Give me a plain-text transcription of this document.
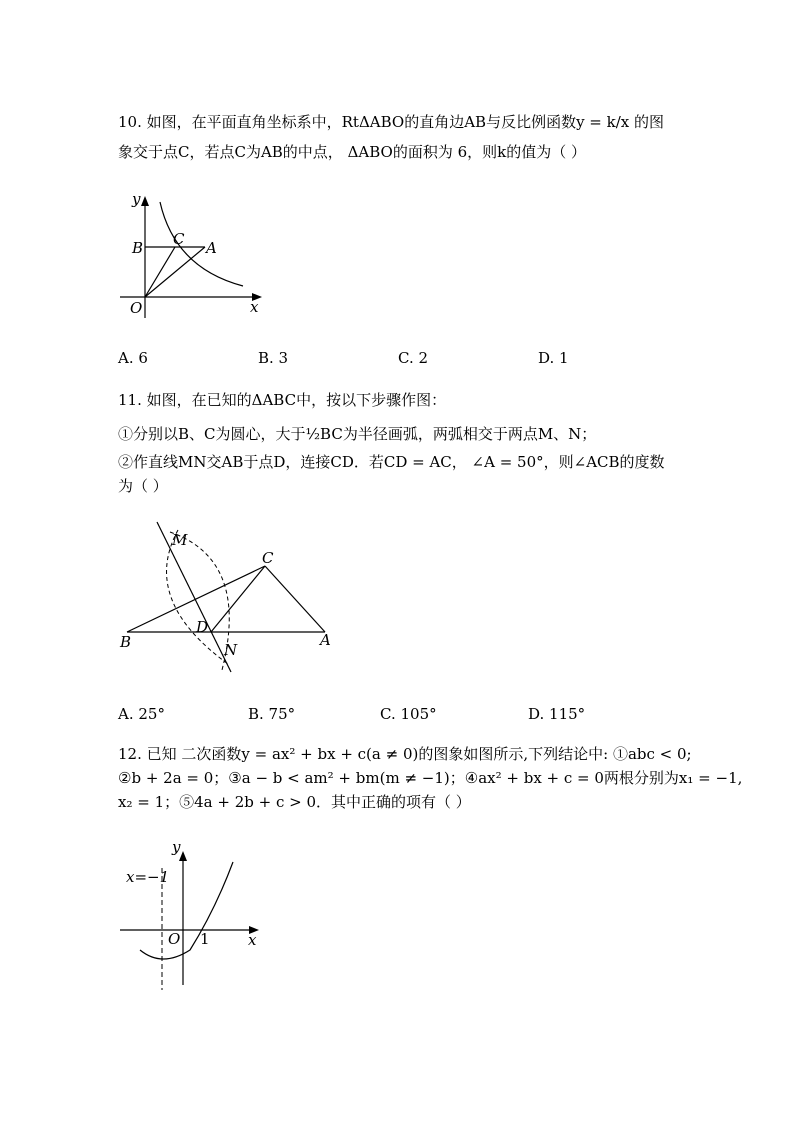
10. 如图，在平面直角坐标系中，RtΔABO的直角边AB与反比例函数y = k/x 的图
象交于点C，若点C为AB的中点， ΔABO的面积为 6，则k的值为（ ）
y
x
O
B C A
A. 6	B. 3	C. 2	D. 1
11. 如图，在已知的ΔABC中，按以下步骤作图：
①分别以B、C为圆心，大于½BC为半径画弧，两弧相交于两点M、N；
②作直线MN交AB于点D，连接CD．若CD = AC， ∠A = 50°，则∠ACB的度数
为（ ）
M
C
B
D
A
N
A. 25°	B. 75°	C. 105°	D. 115°
12. 已知 二次函数y = ax² + bx + c(a ≠ 0)的图象如图所示,下列结论中: ①abc < 0;
②b + 2a = 0；③a − b < am² + bm(m ≠ −1)；④ax² + bx + c = 0两根分别为x₁ = −1,
x₂ = 1；⑤4a + 2b + c > 0．其中正确的项有（ ）
y
x
O 1
x=−1
